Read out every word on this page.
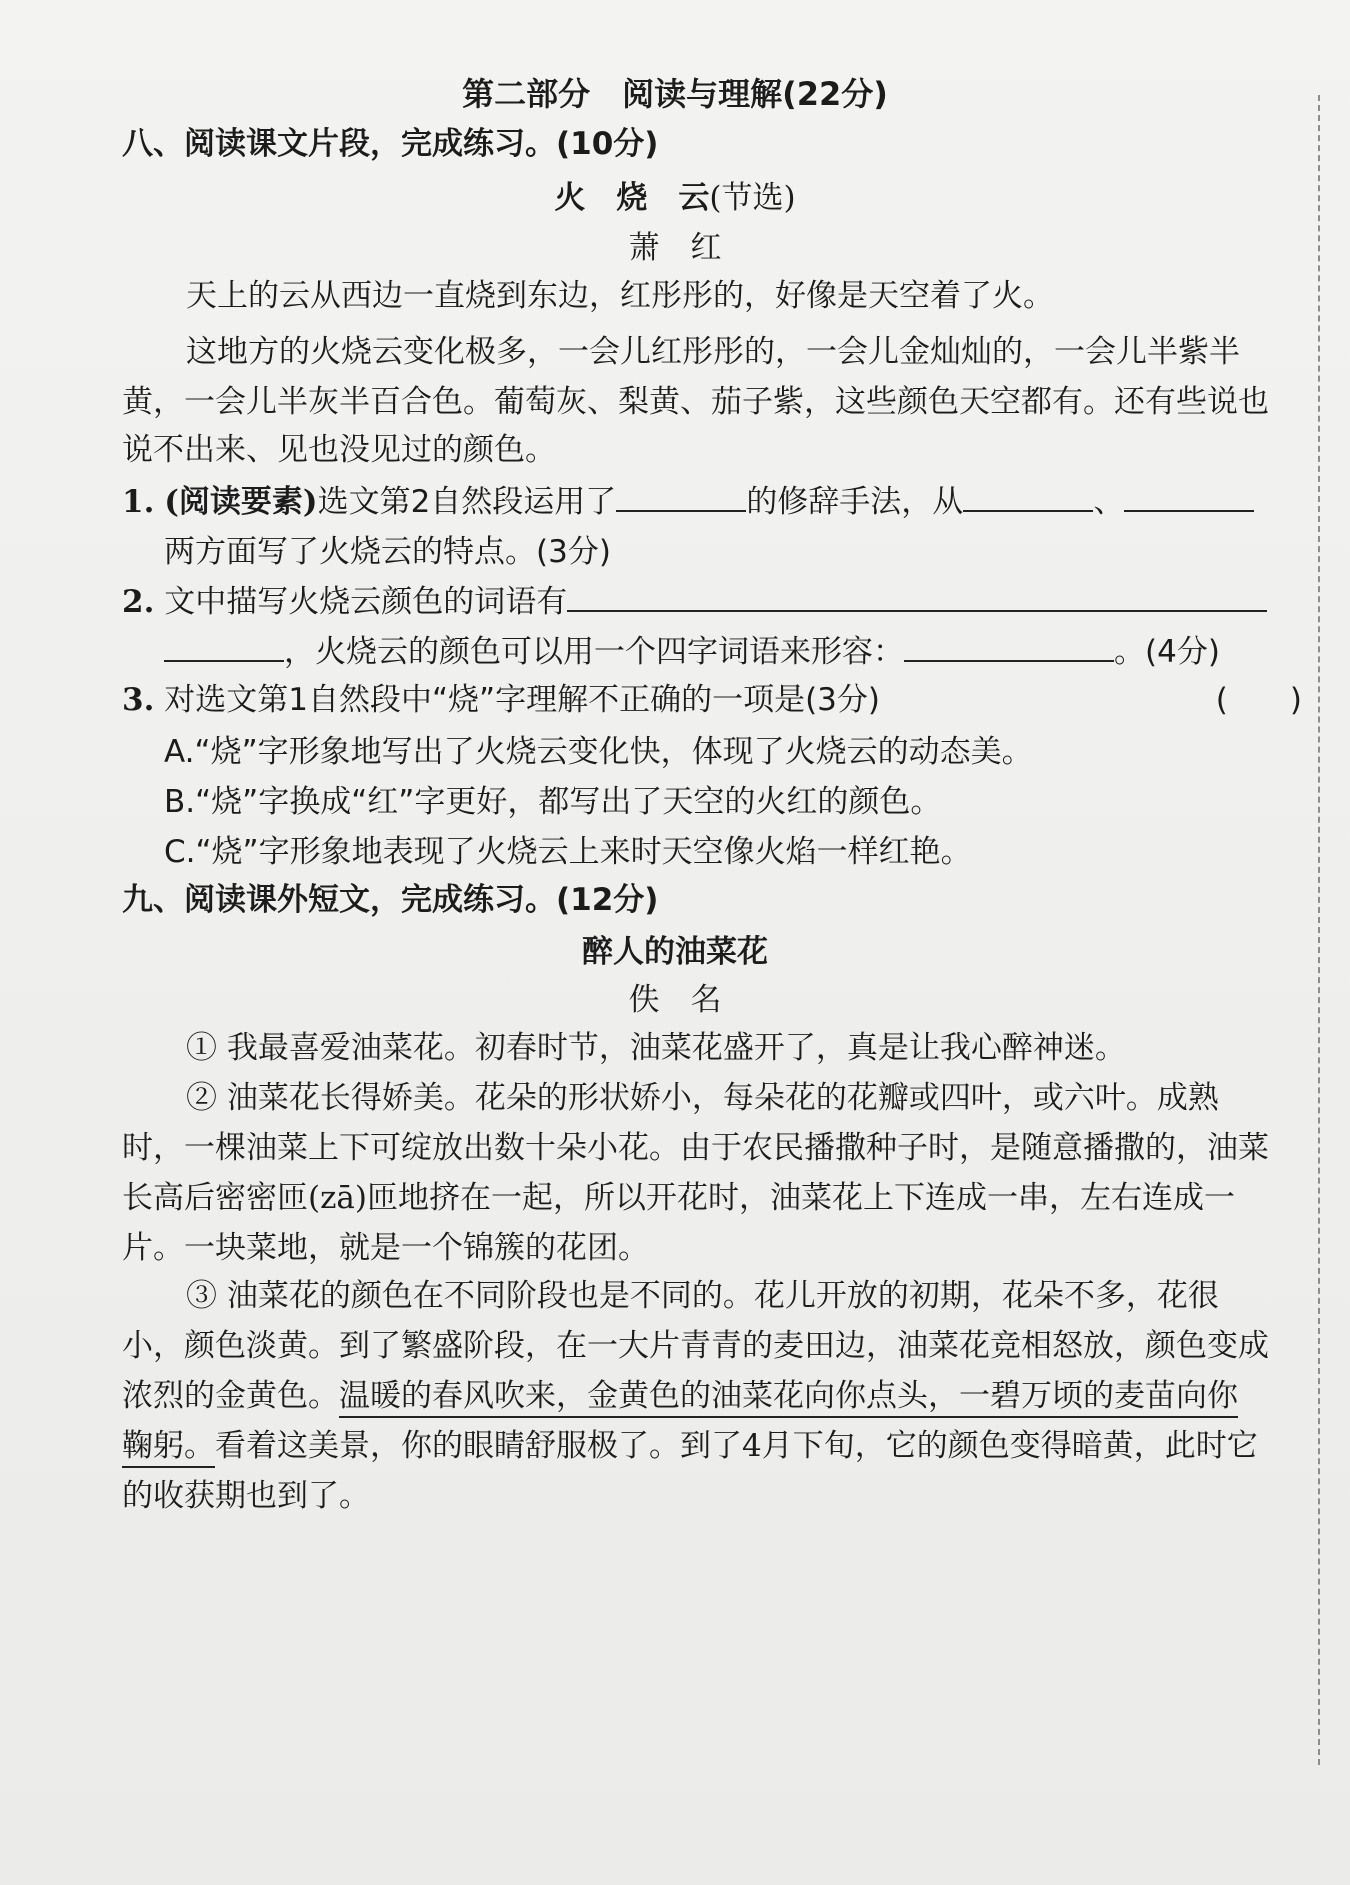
第二部分　阅读与理解(22分)
八、阅读课文片段，完成练习。(10分)
火　烧　云(节选)
萧　红
天上的云从西边一直烧到东边，红彤彤的，好像是天空着了火。
这地方的火烧云变化极多，一会儿红彤彤的，一会儿金灿灿的，一会儿半紫半
黄，一会儿半灰半百合色。葡萄灰、梨黄、茄子紫，这些颜色天空都有。还有些说也
说不出来、见也没见过的颜色。
1. (阅读要素)选文第2自然段运用了	的修辞手法，从	、
两方面写了火烧云的特点。(3分)
2. 文中描写火烧云颜色的词语有
，火烧云的颜色可以用一个四字词语来形容：	。(4分)
3. 对选文第1自然段中“烧”字理解不正确的一项是(3分)	(　　)
A.“烧”字形象地写出了火烧云变化快，体现了火烧云的动态美。
B.“烧”字换成“红”字更好，都写出了天空的火红的颜色。
C.“烧”字形象地表现了火烧云上来时天空像火焰一样红艳。
九、阅读课外短文，完成练习。(12分)
醉人的油菜花
佚　名
① 我最喜爱油菜花。初春时节，油菜花盛开了，真是让我心醉神迷。
② 油菜花长得娇美。花朵的形状娇小，每朵花的花瓣或四叶，或六叶。成熟
时，一棵油菜上下可绽放出数十朵小花。由于农民播撒种子时，是随意播撒的，油菜
长高后密密匝(zā)匝地挤在一起，所以开花时，油菜花上下连成一串，左右连成一
片。一块菜地，就是一个锦簇的花团。
③ 油菜花的颜色在不同阶段也是不同的。花儿开放的初期，花朵不多，花很
小，颜色淡黄。到了繁盛阶段，在一大片青青的麦田边，油菜花竞相怒放，颜色变成
浓烈的金黄色。温暖的春风吹来，金黄色的油菜花向你点头，一碧万顷的麦苗向你
鞠躬。看着这美景，你的眼睛舒服极了。到了4月下旬，它的颜色变得暗黄，此时它
的收获期也到了。
